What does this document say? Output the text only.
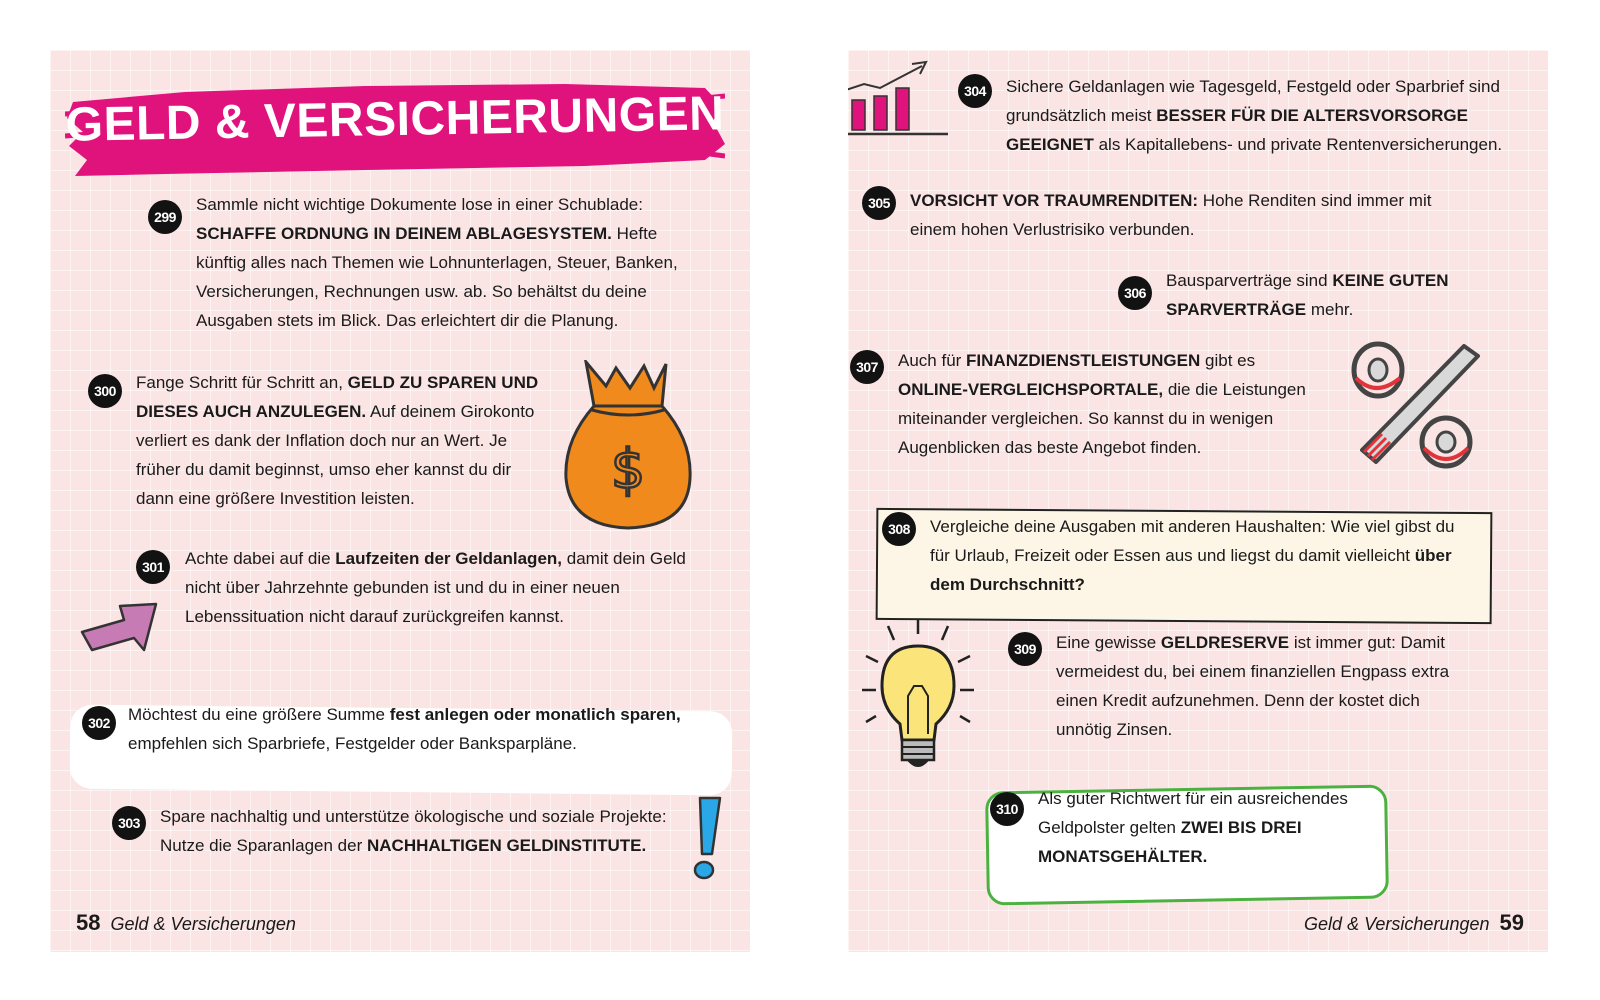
GELD & VERSICHERUNGEN
299
Sammle nicht wichtige Dokumente lose in einer Schublade:
SCHAFFE ORDNUNG IN DEINEM ABLAGESYSTEM. Hefte künftig alles nach Themen wie Lohnunterlagen, Steuer, Banken, Versicherungen, Rechnungen usw. ab. So behältst du deine Ausgaben stets im Blick. Das erleichtert dir die Planung.
300	Fange Schritt für Schritt an, GELD ZU SPAREN UND DIESES AUCH ANZULEGEN. Auf deinem Girokonto verliert es dank der Inflation doch nur an Wert. Je früher du damit beginnst, umso eher kannst du dir dann eine größere Investition leisten.	$
301	Achte dabei auf die Laufzeiten der Geldanlagen, damit dein Geld nicht über Jahrzehnte gebunden ist und du in einer neuen Lebenssituation nicht darauf zurückgreifen kannst.
302	Möchtest du eine größere Summe fest anlegen oder monatlich sparen, empfehlen sich Sparbriefe, Festgelder oder Banksparpläne.
303	Spare nachhaltig und unterstütze ökologische und soziale Projekte: Nutze die Sparanlagen der NACHHALTIGEN GELDINSTITUTE.
58 Geld & Versicherungen
304	Sichere Geldanlagen wie Tagesgeld, Festgeld oder Sparbrief sind grundsätzlich meist BESSER FÜR DIE ALTERSVORSORGE GEEIGNET als Kapitallebens- und private Rentenversicherungen.
305	VORSICHT VOR TRAUMRENDITEN: Hohe Renditen sind immer mit einem hohen Verlustrisiko verbunden.
306
Bausparverträge sind KEINE GUTEN SPARVERTRÄGE mehr.
307	Auch für FINANZDIENSTLEISTUNGEN gibt es ONLINE-VERGLEICHSPORTALE, die die Leistungen miteinander vergleichen. So kannst du in wenigen Augenblicken das beste Angebot finden.
308	Vergleiche deine Ausgaben mit anderen Haushalten: Wie viel gibst du für Urlaub, Freizeit oder Essen aus und liegst du damit vielleicht über dem Durchschnitt?
309	Eine gewisse GELDRESERVE ist immer gut: Damit vermeidest du, bei einem finanziellen Engpass extra einen Kredit aufzunehmen. Denn der kostet dich unnötig Zinsen.
310
Als guter Richtwert für ein ausreichendes Geldpolster gelten ZWEI BIS DREI MONATSGEHÄLTER.
Geld & Versicherungen 59
